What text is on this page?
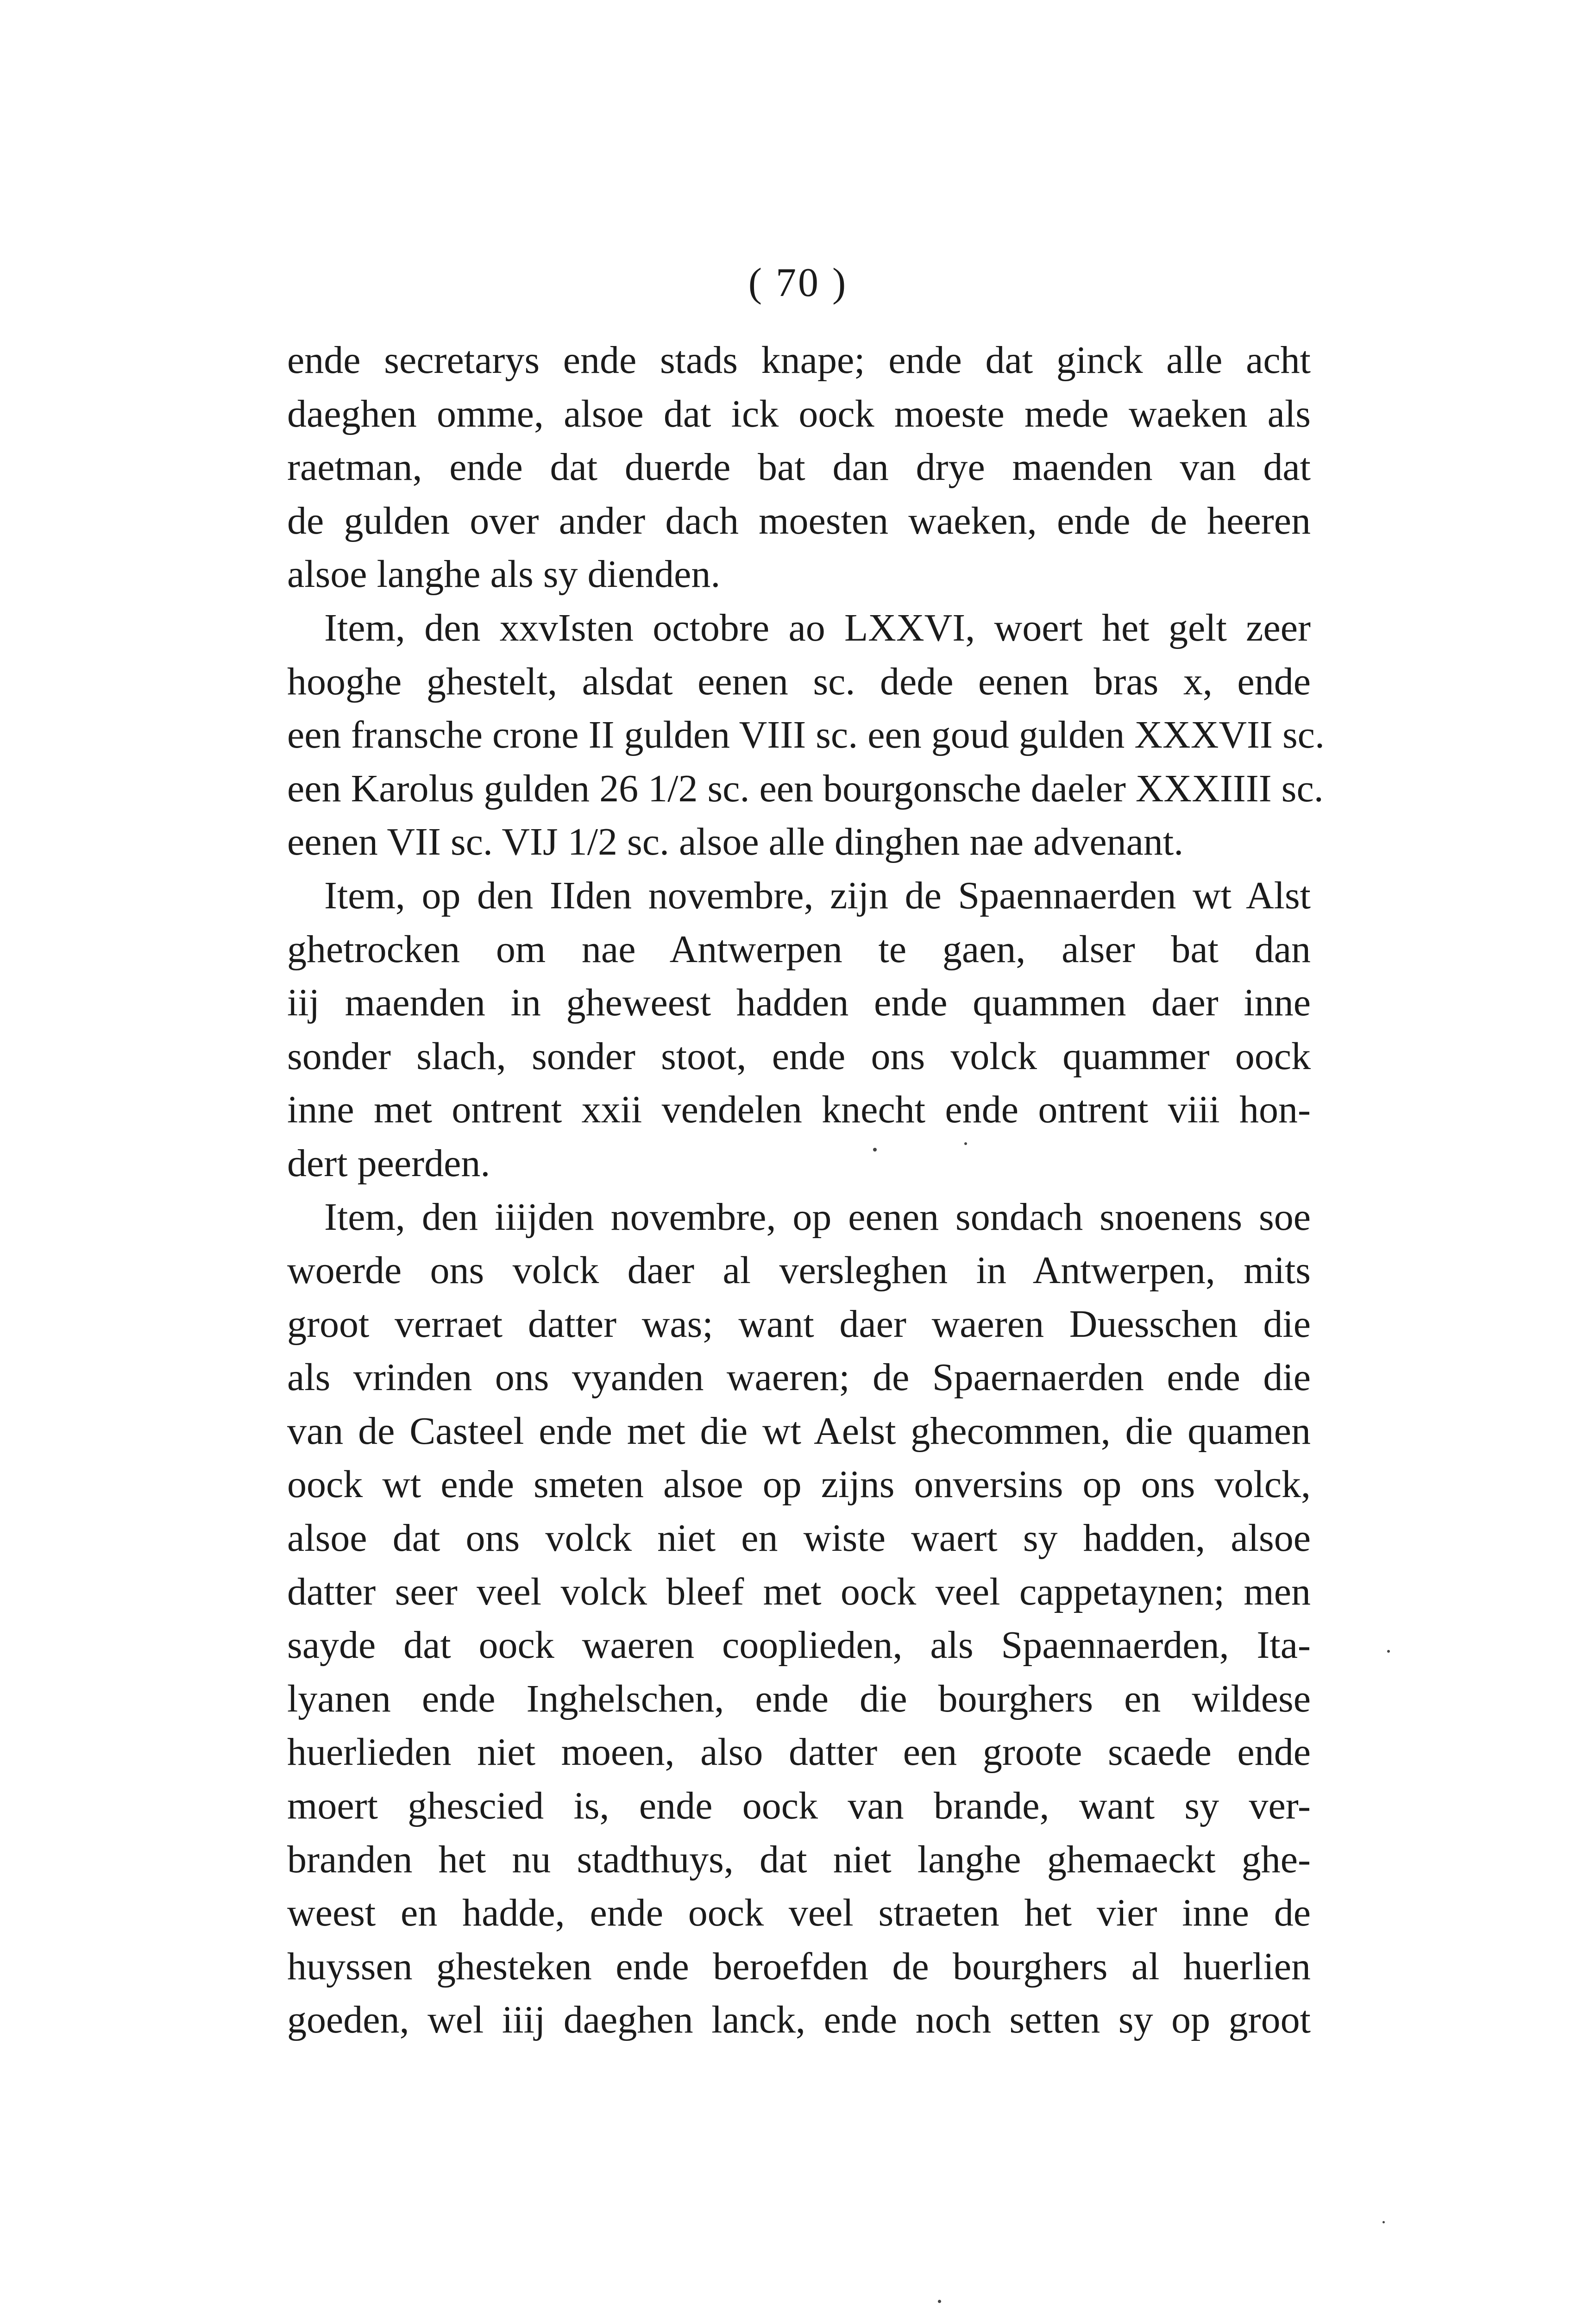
( 70 )
ende secretarys ende stads knape; ende dat ginck alle acht
daeghen omme, alsoe dat ick oock moeste mede waeken als
raetman, ende dat duerde bat dan drye maenden van dat
de gulden over ander dach moesten waeken, ende de heeren
alsoe langhe als sy dienden.
Item, den xxvIsten octobre ao LXXVI, woert het gelt zeer
hooghe ghestelt, alsdat eenen sc. dede eenen bras x, ende
een fransche crone II gulden VIII sc. een goud gulden XXXVII sc.
een Karolus gulden 26 1/2 sc. een bourgonsche daeler XXXIIII sc.
eenen VII sc. VIJ 1/2 sc. alsoe alle dinghen nae advenant.
Item, op den IIden novembre, zijn de Spaennaerden wt Alst
ghetrocken om nae Antwerpen te gaen, alser bat dan
iij maenden in gheweest hadden ende quammen daer inne
sonder slach, sonder stoot, ende ons volck quammer oock
inne met ontrent xxii vendelen knecht ende ontrent viii hon-
dert peerden.
Item, den iiijden novembre, op eenen sondach snoenens soe
woerde ons volck daer al versleghen in Antwerpen, mits
groot verraet datter was; want daer waeren Duesschen die
als vrinden ons vyanden waeren; de Spaernaerden ende die
van de Casteel ende met die wt Aelst ghecommen, die quamen
oock wt ende smeten alsoe op zijns onversins op ons volck,
alsoe dat ons volck niet en wiste waert sy hadden, alsoe
datter seer veel volck bleef met oock veel cappetaynen; men
sayde dat oock waeren cooplieden, als Spaennaerden, Ita-
lyanen ende Inghelschen, ende die bourghers en wildese
huerlieden niet moeen, also datter een groote scaede ende
moert ghescied is, ende oock van brande, want sy ver-
branden het nu stadthuys, dat niet langhe ghemaeckt ghe-
weest en hadde, ende oock veel straeten het vier inne de
huyssen ghesteken ende beroefden de bourghers al huerlien
goeden, wel iiij daeghen lanck, ende noch setten sy op groot
